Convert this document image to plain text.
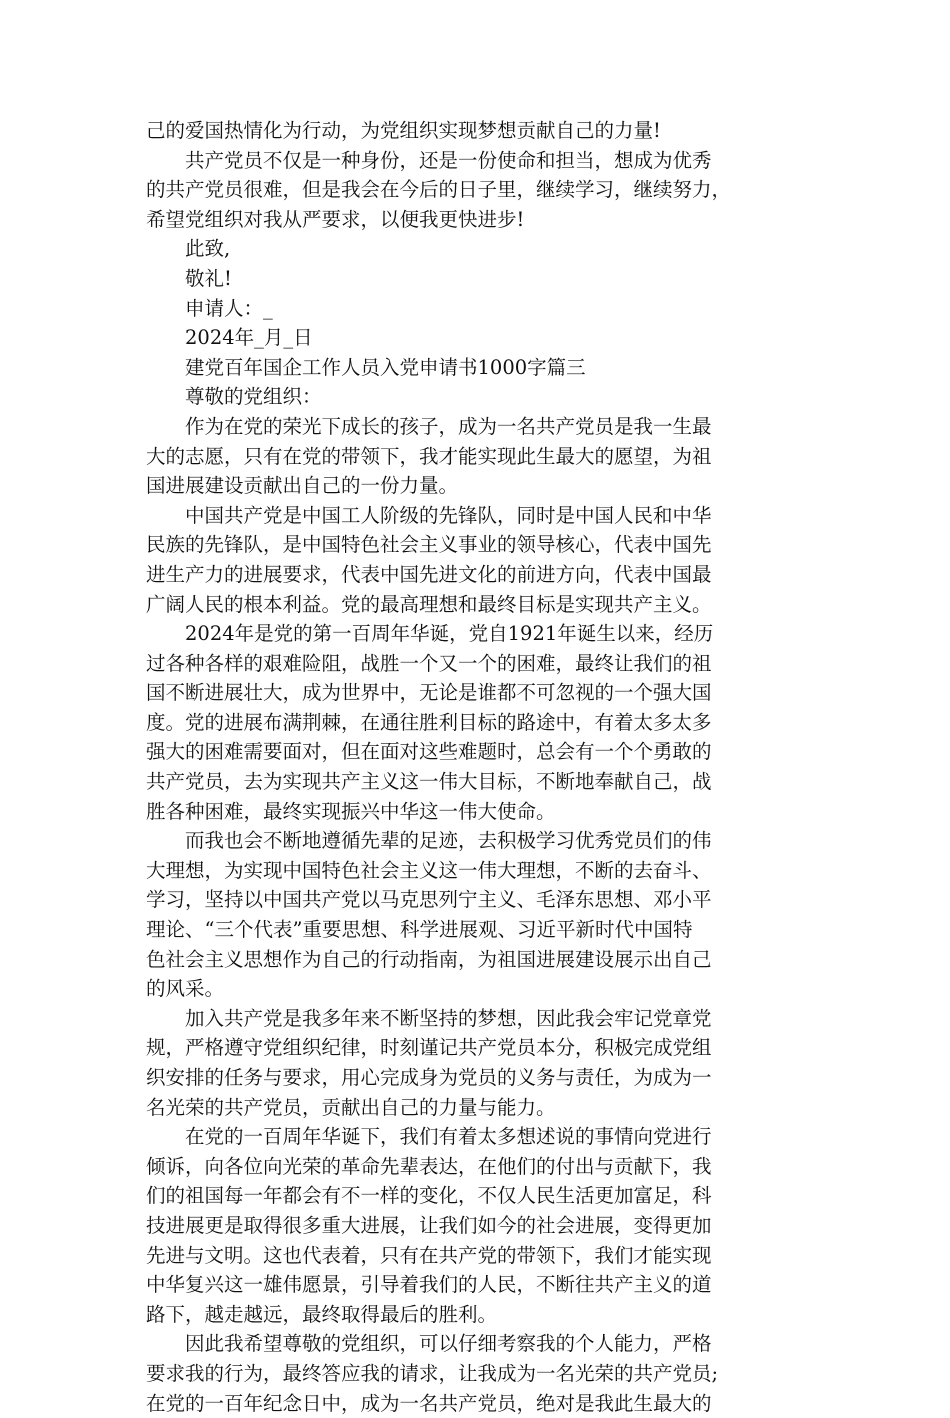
己的爱国热情化为行动，为党组织实现梦想贡献自己的力量!

共产党员不仅是一种身份，还是一份使命和担当，想成为优秀
的共产党员很难，但是我会在今后的日子里，继续学习，继续努力，
希望党组织对我从严要求，以便我更快进步!

此致,

敬礼!

申请人：_

2024年_月_日

建党百年国企工作人员入党申请书1000字篇三

尊敬的党组织：

作为在党的荣光下成长的孩子，成为一名共产党员是我一生最
大的志愿，只有在党的带领下，我才能实现此生最大的愿望，为祖
国进展建设贡献出自己的一份力量。

中国共产党是中国工人阶级的先锋队，同时是中国人民和中华
民族的先锋队，是中国特色社会主义事业的领导核心，代表中国先
进生产力的进展要求，代表中国先进文化的前进方向，代表中国最
广阔人民的根本利益。党的最高理想和最终目标是实现共产主义。

2024年是党的第一百周年华诞，党自1921年诞生以来，经历
过各种各样的艰难险阻，战胜一个又一个的困难，最终让我们的祖
国不断进展壮大，成为世界中，无论是谁都不可忽视的一个强大国
度。党的进展布满荆棘，在通往胜利目标的路途中，有着太多太多
强大的困难需要面对，但在面对这些难题时，总会有一个个勇敢的
共产党员，去为实现共产主义这一伟大目标，不断地奉献自己，战
胜各种困难，最终实现振兴中华这一伟大使命。

而我也会不断地遵循先辈的足迹，去积极学习优秀党员们的伟
大理想，为实现中国特色社会主义这一伟大理想，不断的去奋斗、
学习，坚持以中国共产党以马克思列宁主义、毛泽东思想、邓小平
理论、“三个代表”重要思想、科学进展观、习近平新时代中国特
色社会主义思想作为自己的行动指南，为祖国进展建设展示出自己
的风采。

加入共产党是我多年来不断坚持的梦想，因此我会牢记党章党
规，严格遵守党组织纪律，时刻谨记共产党员本分，积极完成党组
织安排的任务与要求，用心完成身为党员的义务与责任，为成为一
名光荣的共产党员，贡献出自己的力量与能力。

在党的一百周年华诞下，我们有着太多想述说的事情向党进行
倾诉，向各位向光荣的革命先辈表达，在他们的付出与贡献下，我
们的祖国每一年都会有不一样的变化，不仅人民生活更加富足，科
技进展更是取得很多重大进展，让我们如今的社会进展，变得更加
先进与文明。这也代表着，只有在共产党的带领下，我们才能实现
中华复兴这一雄伟愿景，引导着我们的人民，不断往共产主义的道
路下，越走越远，最终取得最后的胜利。

因此我希望尊敬的党组织，可以仔细考察我的个人能力，严格
要求我的行为，最终答应我的请求，让我成为一名光荣的共产党员;
在党的一百年纪念日中，成为一名共产党员，绝对是我此生最大的
